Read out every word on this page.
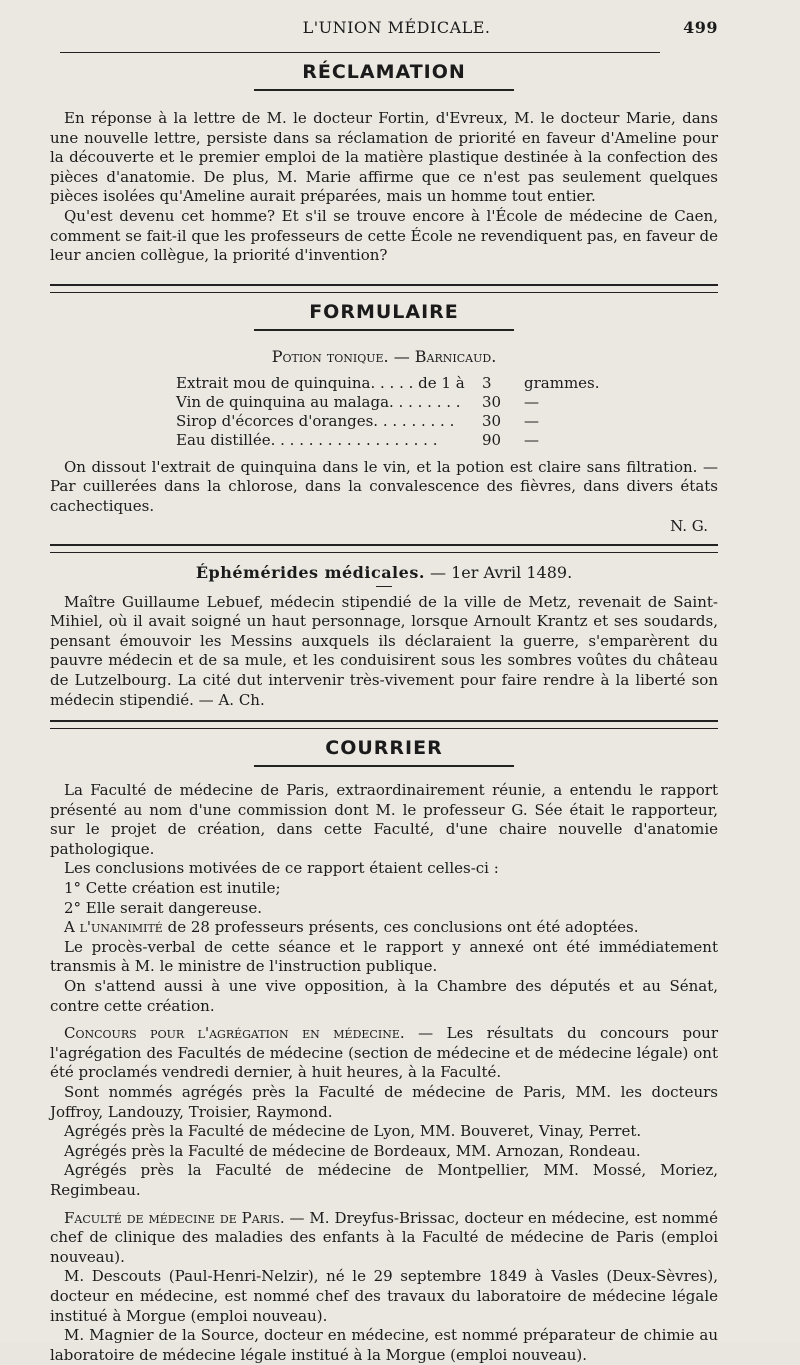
L'UNION MÉDICALE.	499
RÉCLAMATION

En réponse à la lettre de M. le docteur Fortin, d'Evreux, M. le docteur Marie, dans une nouvelle lettre, persiste dans sa réclamation de priorité en faveur d'Ameline pour la découverte et le premier emploi de la matière plastique destinée à la confection des pièces d'anatomie. De plus, M. Marie affirme que ce n'est pas seulement quelques pièces isolées qu'Ameline aurait préparées, mais un homme tout entier.

Qu'est devenu cet homme? Et s'il se trouve encore à l'École de médecine de Caen, comment se fait-il que les professeurs de cette École ne revendiquent pas, en faveur de leur ancien collègue, la priorité d'invention?

FORMULAIRE
Potion tonique. — Barnicaud.
Extrait mou de quinquina. . . . . de 1 à	3	grammes.
Vin de quinquina au malaga. . . . . . . .	30	—
Sirop d'écorces d'oranges. . . . . . . . .	30	—
Eau distillée. . . . . . . . . . . . . . . . . .	90	—

On dissout l'extrait de quinquina dans le vin, et la potion est claire sans filtration. — Par cuillerées dans la chlorose, dans la convalescence des fièvres, dans divers états cachectiques.

N. G.
Éphémérides médicales. — 1er Avril 1489.

Maître Guillaume Lebuef, médecin stipendié de la ville de Metz, revenait de Saint-Mihiel, où il avait soigné un haut personnage, lorsque Arnoult Krantz et ses soudards, pensant émouvoir les Messins auxquels ils déclaraient la guerre, s'emparèrent du pauvre médecin et de sa mule, et les conduisirent sous les sombres voûtes du château de Lutzelbourg. La cité dut intervenir très-vivement pour faire rendre à la liberté son médecin stipendié. — A. Ch.

COURRIER

La Faculté de médecine de Paris, extraordinairement réunie, a entendu le rapport présenté au nom d'une commission dont M. le professeur G. Sée était le rapporteur, sur le projet de création, dans cette Faculté, d'une chaire nouvelle d'anatomie pathologique.

Les conclusions motivées de ce rapport étaient celles-ci :

1° Cette création est inutile;

2° Elle serait dangereuse.

A l'unanimité de 28 professeurs présents, ces conclusions ont été adoptées.

Le procès-verbal de cette séance et le rapport y annexé ont été immédiatement transmis à M. le ministre de l'instruction publique.

On s'attend aussi à une vive opposition, à la Chambre des députés et au Sénat, contre cette création.

Concours pour l'agrégation en médecine. — Les résultats du concours pour l'agrégation des Facultés de médecine (section de médecine et de médecine légale) ont été proclamés vendredi dernier, à huit heures, à la Faculté.

Sont nommés agrégés près la Faculté de médecine de Paris, MM. les docteurs Joffroy, Landouzy, Troisier, Raymond.

Agrégés près la Faculté de médecine de Lyon, MM. Bouveret, Vinay, Perret.

Agrégés près la Faculté de médecine de Bordeaux, MM. Arnozan, Rondeau.

Agrégés près la Faculté de médecine de Montpellier, MM. Mossé, Moriez, Regimbeau.

Faculté de médecine de Paris. — M. Dreyfus-Brissac, docteur en médecine, est nommé chef de clinique des maladies des enfants à la Faculté de médecine de Paris (emploi nouveau).

M. Descouts (Paul-Henri-Nelzir), né le 29 septembre 1849 à Vasles (Deux-Sèvres), docteur en médecine, est nommé chef des travaux du laboratoire de médecine légale institué à Morgue (emploi nouveau).

M. Magnier de la Source, docteur en médecine, est nommé préparateur de chimie au laboratoire de médecine légale institué à la Morgue (emploi nouveau).
